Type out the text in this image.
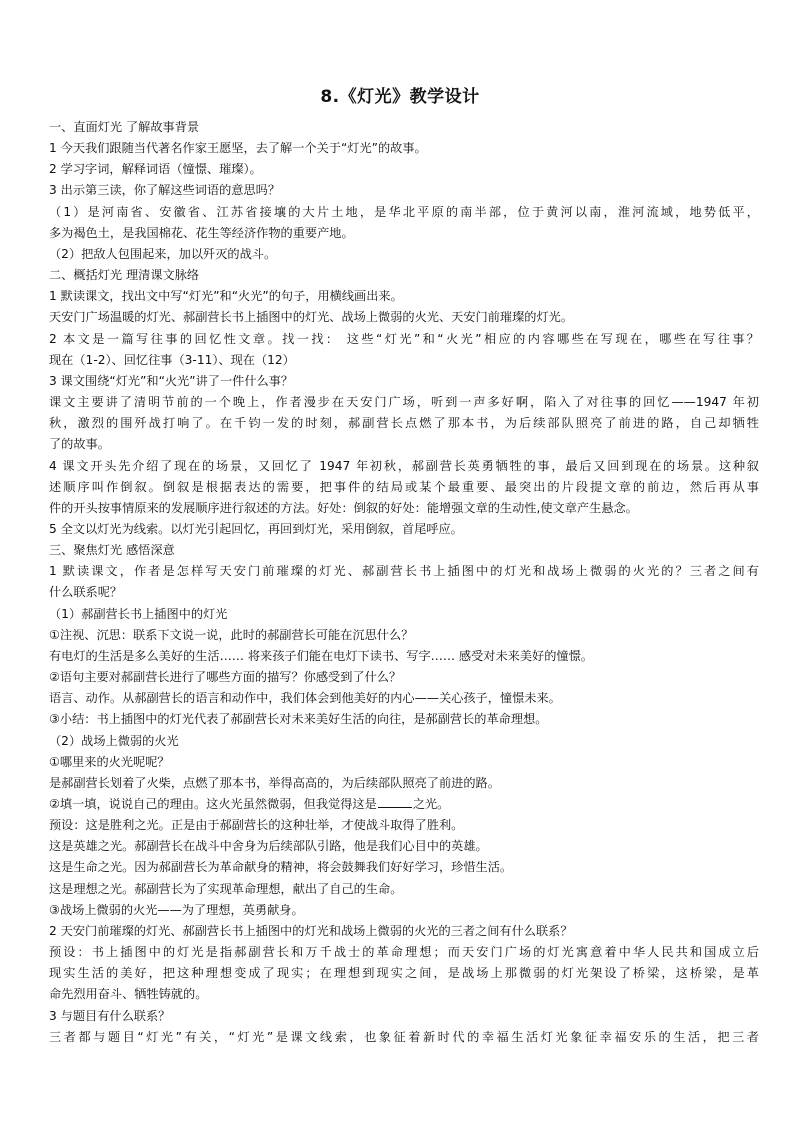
8.《灯光》教学设计
一、直面灯光 了解故事背景
1 今天我们跟随当代著名作家王愿坚，去了解一个关于“灯光”的故事。
2 学习字词，解释词语（憧憬、璀璨）。
3 出示第三读，你了解这些词语的意思吗？
（1）是河南省、安徽省、江苏省接壤的大片土地，是华北平原的南半部，位于黄河以南，淮河流域，地势低平，
多为褐色土，是我国棉花、花生等经济作物的重要产地。
（2）把敌人包围起来，加以歼灭的战斗。
二、概括灯光 理清课文脉络
1 默读课文，找出文中写“灯光”和“火光”的句子，用横线画出来。
天安门广场温暖的灯光、郝副营长书上插图中的灯光、战场上微弱的火光、天安门前璀璨的灯光。
2 本文是一篇写往事的回忆性文章。找一找： 这些“灯光”和“火光”相应的内容哪些在写现在，哪些在写往事？
现在（1-2）、回忆往事（3-11）、现在（12）
3 课文围绕“灯光”和“火光”讲了一件什么事？
课文主要讲了清明节前的一个晚上，作者漫步在天安门广场，听到一声多好啊，陷入了对往事的回忆——1947 年初
秋，激烈的围歼战打响了。在千钧一发的时刻，郝副营长点燃了那本书，为后续部队照亮了前进的路，自己却牺牲
了的故事。
4 课文开头先介绍了现在的场景，又回忆了 1947 年初秋，郝副营长英勇牺牲的事，最后又回到现在的场景。这种叙
述顺序叫作倒叙。倒叙是根据表达的需要，把事件的结局或某个最重要、最突出的片段提文章的前边，然后再从事
件的开头按事情原来的发展顺序进行叙述的方法。好处：倒叙的好处：能增强文章的生动性,使文章产生悬念。
5 全文以灯光为线索。以灯光引起回忆，再回到灯光，采用倒叙，首尾呼应。
三、聚焦灯光 感悟深意
1 默读课文，作者是怎样写天安门前璀璨的灯光、郝副营长书上插图中的灯光和战场上微弱的火光的？三者之间有
什么联系呢？
（1）郝副营长书上插图中的灯光
①注视、沉思：联系下文说一说，此时的郝副营长可能在沉思什么？
有电灯的生活是多么美好的生活…… 将来孩子们能在电灯下读书、写字…… 感受对未来美好的憧憬。
②语句主要对郝副营长进行了哪些方面的描写？你感受到了什么？
语言、动作。从郝副营长的语言和动作中，我们体会到他美好的内心——关心孩子，憧憬未来。
③小结：书上插图中的灯光代表了郝副营长对未来美好生活的向往，是郝副营长的革命理想。
（2）战场上微弱的火光
①哪里来的火光呢呢？
是郝副营长划着了火柴，点燃了那本书，举得高高的，为后续部队照亮了前进的路。
②填一填，说说自己的理由。这火光虽然微弱，但我觉得这是	之光。
预设：这是胜利之光。正是由于郝副营长的这种壮举，才使战斗取得了胜利。
这是英雄之光。郝副营长在战斗中舍身为后续部队引路，他是我们心目中的英雄。
这是生命之光。因为郝副营长为革命献身的精神，将会鼓舞我们好好学习，珍惜生活。
这是理想之光。郝副营长为了实现革命理想，献出了自己的生命。
③战场上微弱的火光——为了理想，英勇献身。
2 天安门前璀璨的灯光、郝副营长书上插图中的灯光和战场上微弱的火光的三者之间有什么联系？
预设：书上插图中的灯光是指郝副营长和万千战士的革命理想；而天安门广场的灯光寓意着中华人民共和国成立后
现实生活的美好，把这种理想变成了现实；在理想到现实之间，是战场上那微弱的灯光架设了桥梁，这桥梁，是革
命先烈用奋斗、牺牲铸就的。
3 与题目有什么联系？
三者都与题目“灯光”有关，“灯光”是课文线索，也象征着新时代的幸福生活灯光象征幸福安乐的生活，把三者
